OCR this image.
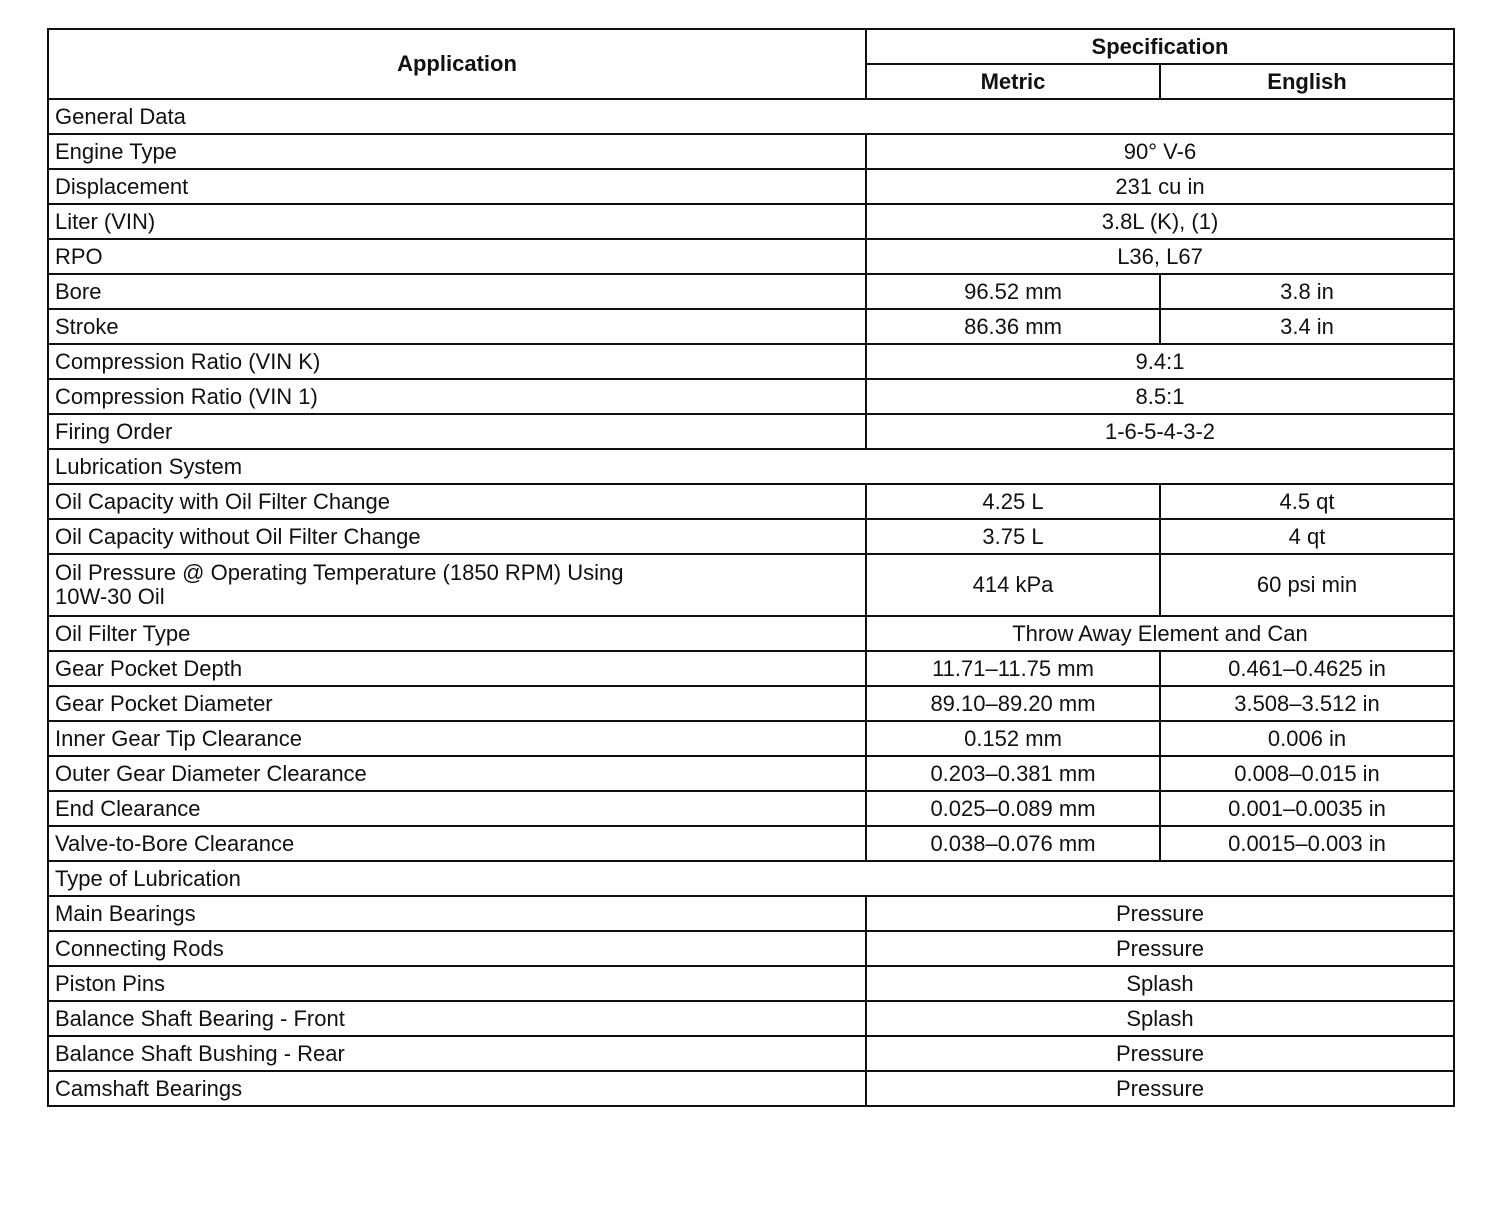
Application	Specification	
	Metric	English
General Data		
Engine Type	90° V-6	
Displacement	231 cu in	
Liter (VIN)	3.8L (K), (1)	
RPO	L36, L67	
Bore	96.52 mm	3.8 in
Stroke	86.36 mm	3.4 in
Compression Ratio (VIN K)	9.4:1	
Compression Ratio (VIN 1)	8.5:1	
Firing Order	1-6-5-4-3-2	
Lubrication System		
Oil Capacity with Oil Filter Change	4.25 L	4.5 qt
Oil Capacity without Oil Filter Change	3.75 L	4 qt

Oil Pressure @ Operating Temperature (1850 RPM) Using
10W-30 Oil	414 kPa	60 psi min
Oil Filter Type	Throw Away Element and Can	
Gear Pocket Depth	11.71–11.75 mm	0.461–0.4625 in
Gear Pocket Diameter	89.10–89.20 mm	3.508–3.512 in
Inner Gear Tip Clearance	0.152 mm	0.006 in
Outer Gear Diameter Clearance	0.203–0.381 mm	0.008–0.015 in
End Clearance	0.025–0.089 mm	0.001–0.0035 in
Valve-to-Bore Clearance	0.038–0.076 mm	0.0015–0.003 in
Type of Lubrication		
Main Bearings	Pressure	
Connecting Rods	Pressure	
Piston Pins	Splash	
Balance Shaft Bearing - Front	Splash	
Balance Shaft Bushing - Rear	Pressure	
Camshaft Bearings	Pressure	
